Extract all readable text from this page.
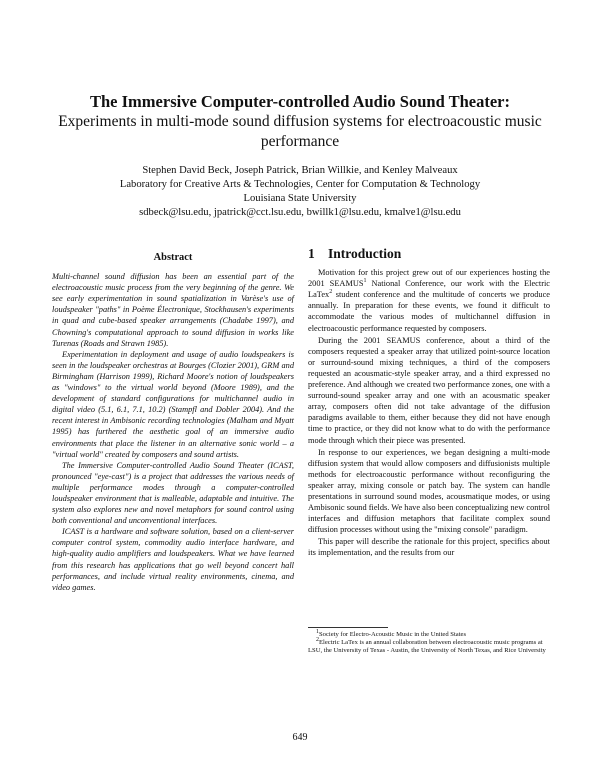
The Immersive Computer-controlled Audio Sound Theater:

Experiments in multi-mode sound diffusion systems for electroacoustic music performance

Stephen David Beck, Joseph Patrick, Brian Willkie, and Kenley Malveaux
Laboratory for Creative Arts & Technologies, Center for Computation & Technology
Louisiana State University
sdbeck@lsu.edu, jpatrick@cct.lsu.edu, bwillk1@lsu.edu, kmalve1@lsu.edu
Abstract

Multi-channel sound diffusion has been an essential part of the electroacoustic music process from the very beginning of the genre. We see early experimentation in sound spatialization in Varèse's use of loudspeaker "paths" in Poème Électronique, Stockhausen's experiments in quad and cube-based speaker arrangements (Chadabe 1997), and Chowning's computational approach to sound diffusion in works like Turenas (Roads and Strawn 1985).

Experimentation in deployment and usage of audio loudspeakers is seen in the loudspeaker orchestras at Bourges (Clozier 2001), GRM and Birmingham (Harrison 1999), Richard Moore's notion of loudspeakers as "windows" to the virtual world beyond (Moore 1989), and the development of standard configurations for multichannel audio in digital video (5.1, 6.1, 7.1, 10.2) (Stampfl and Dobler 2004). And the recent interest in Ambisonic recording technologies (Malham and Myatt 1995) has furthered the aesthetic goal of an immersive audio environments that place the listener in an alternative sonic world – a "virtual world" created by composers and sound artists.

The Immersive Computer-controlled Audio Sound Theater (ICAST, pronounced "eye-cast") is a project that addresses the various needs of multiple performance modes through a computer-controlled loudspeaker environment that is malleable, adaptable and intuitive. The system also explores new and novel metaphors for sound control using both conventional and unconventional interfaces.

ICAST is a hardware and software solution, based on a client-server computer control system, commodity audio interface hardware, and high-quality audio amplifiers and loudspeakers. What we have learned from this research has applications that go well beyond concert hall performances, and include virtual reality environments, cinema, and video games.

1 Introduction

Motivation for this project grew out of our experiences hosting the 2001 SEAMUS$^1$ National Conference, our work with the Electric LaTex$^2$ student conference and the multitude of concerts we produce annually. In preparation for these events, we found it difficult to accommodate the various modes of multichannel diffusion in electroacoustic performance requested by composers.

During the 2001 SEAMUS conference, about a third of the composers requested a speaker array that utilized point-source location or surround-sound mixing techniques, a third of the composers requested an acousmatic-style speaker array, and a third expressed no preference. And although we created two performance zones, one with a surround-sound speaker array and one with an acousmatic speaker array, composers often did not take advantage of the diffusion paradigms available to them, either because they did not have enough time to practice, or they did not know what to do with the performance mode through which their piece was presented.

In response to our experiences, we began designing a multi-mode diffusion system that would allow composers and diffusionists multiple methods for electroacoustic performance without reconfiguring the speaker array, mixing console or patch bay. The system can handle presentations in surround sound modes, acousmatique modes, or using Ambisonic sound fields. We have also been conceptualizing new control interfaces and diffusion metaphors that facilitate complex sound diffusion processes without using the "mixing console" paradigm.

This paper will describe the rationale for this project, specifics about its implementation, and the results from our

$^1$Society for Electro-Acoustic Music in the United States
$^2$Electric LaTex is an annual collaboration between electroacoustic music programs at LSU, the University of Texas - Austin, the University of North Texas, and Rice University
649
